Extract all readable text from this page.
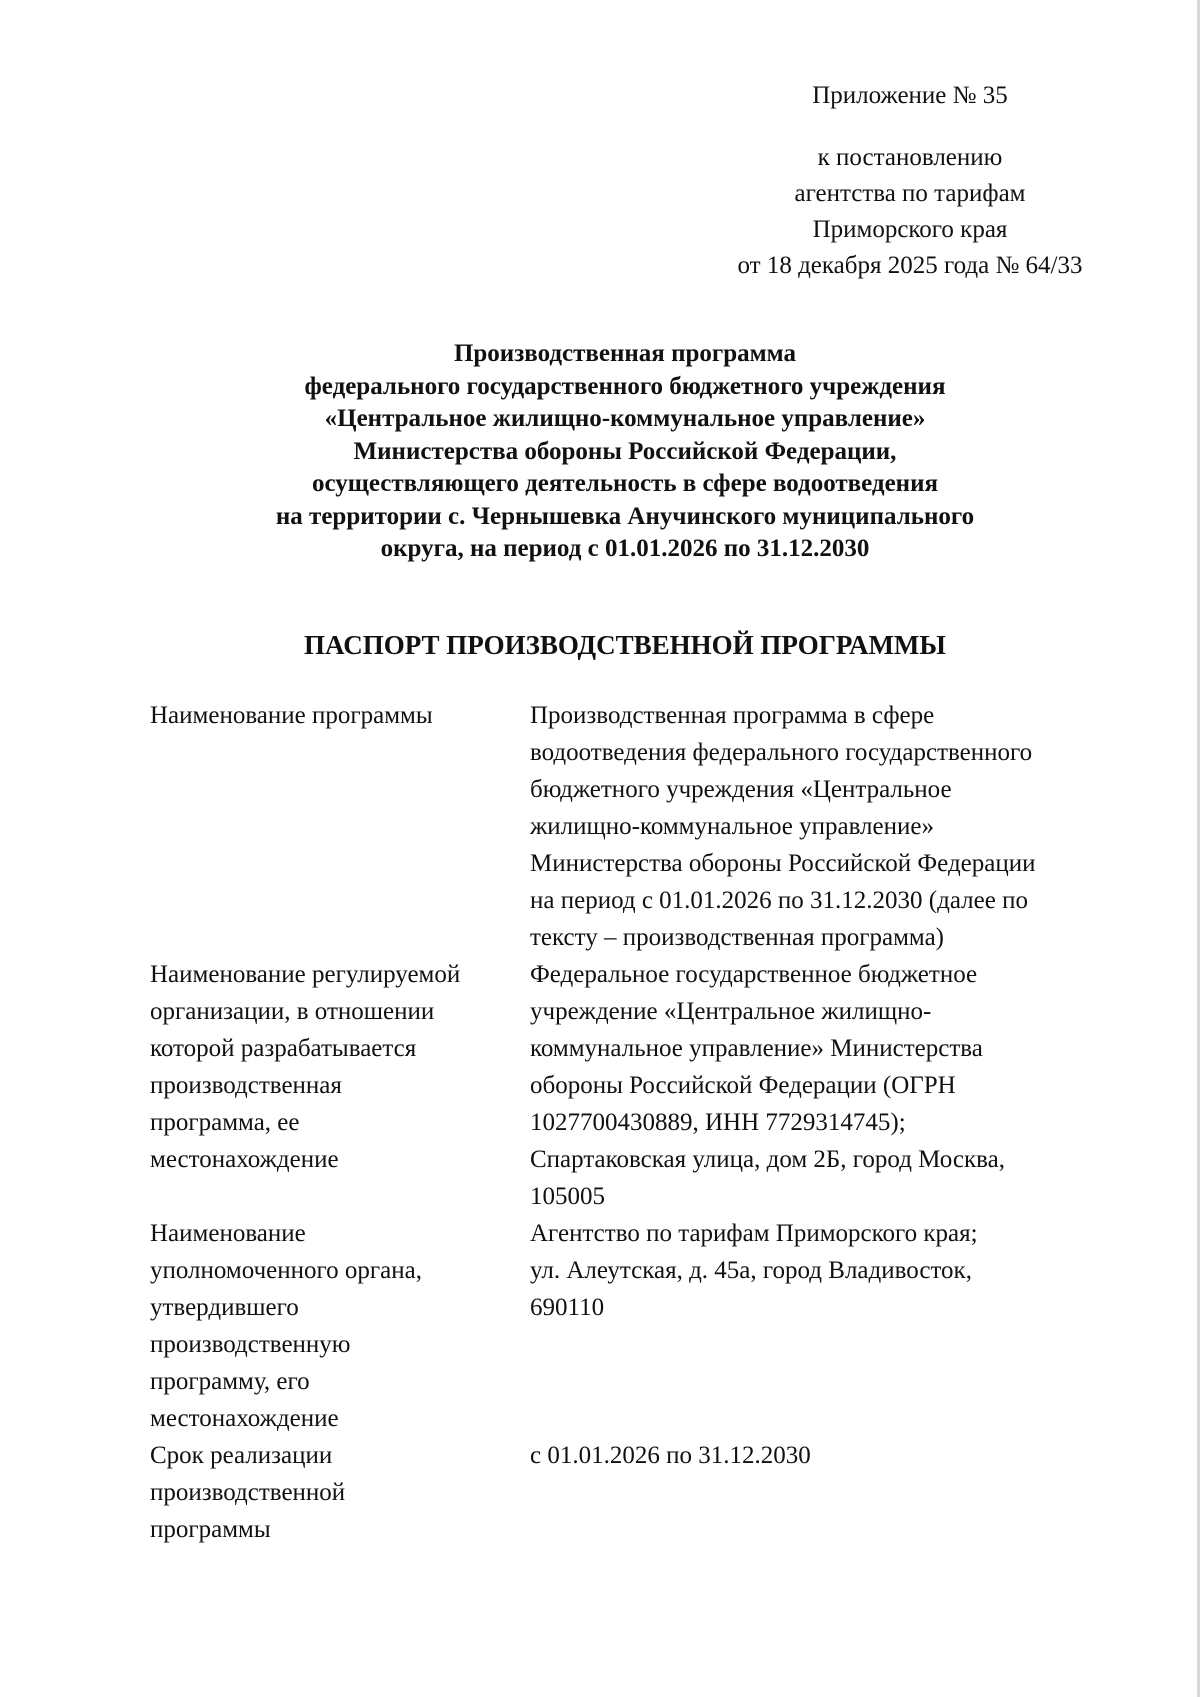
Приложение № 35
к постановлению
агентства по тарифам
Приморского края
от 18 декабря 2025 года № 64/33
Производственная программа
федерального государственного бюджетного учреждения
«Центральное жилищно-коммунальное управление»
Министерства обороны Российской Федерации,
осуществляющего деятельность в сфере водоотведения
на территории с. Чернышевка Анучинского муниципального
округа, на период с 01.01.2026 по 31.12.2030
ПАСПОРТ ПРОИЗВОДСТВЕННОЙ ПРОГРАММЫ
Наименование программы	Производственная программа в сфере
водоотведения федерального государственного
бюджетного учреждения «Центральное
жилищно-коммунальное управление»
Министерства обороны Российской Федерации
на период с 01.01.2026 по 31.12.2030 (далее по
тексту – производственная программа)
Наименование регулируемой
организации, в отношении
которой разрабатывается
производственная
программа, ее
местонахождение
Федеральное государственное бюджетное
учреждение «Центральное жилищно-
коммунальное управление» Министерства
обороны Российской Федерации (ОГРН
1027700430889, ИНН 7729314745);
Спартаковская улица, дом 2Б, город Москва,
105005
Наименование
уполномоченного органа,
утвердившего
производственную
программу, его
местонахождение
Агентство по тарифам Приморского края;
ул. Алеутская, д. 45а, город Владивосток,
690110
Срок реализации
производственной
программы
с 01.01.2026 по 31.12.2030
